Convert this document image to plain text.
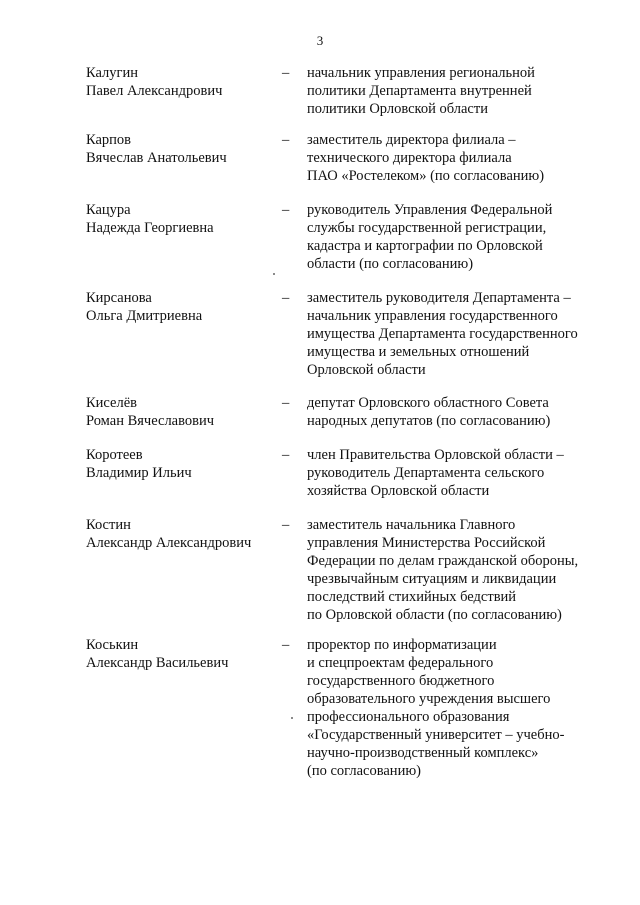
3
Калугин
Павел Александрович
– начальник управления региональной
политики Департамента внутренней
политики Орловской области
Карпов
Вячеслав Анатольевич
– заместитель директора филиала –
технического директора филиала
ПАО «Ростелеком» (по согласованию)
Кацура
Надежда Георгиевна
– руководитель Управления Федеральной
службы государственной регистрации,
кадастра и картографии по Орловской
области (по согласованию)
Кирсанова
Ольга Дмитриевна
– заместитель руководителя Департамента –
начальник управления государственного
имущества Департамента государственного
имущества и земельных отношений
Орловской области
Киселёв
Роман Вячеславович
– депутат Орловского областного Совета
народных депутатов (по согласованию)
Коротеев
Владимир Ильич
– член Правительства Орловской области –
руководитель Департамента сельского
хозяйства Орловской области
Костин
Александр Александрович
– заместитель начальника Главного
управления Министерства Российской
Федерации по делам гражданской обороны,
чрезвычайным ситуациям и ликвидации
последствий стихийных бедствий
по Орловской области (по согласованию)
Коськин
Александр Васильевич
– проректор по информатизации
и спецпроектам федерального
государственного бюджетного
образовательного учреждения высшего
профессионального образования
«Государственный университет – учебно-
научно-производственный комплекс»
(по согласованию)
